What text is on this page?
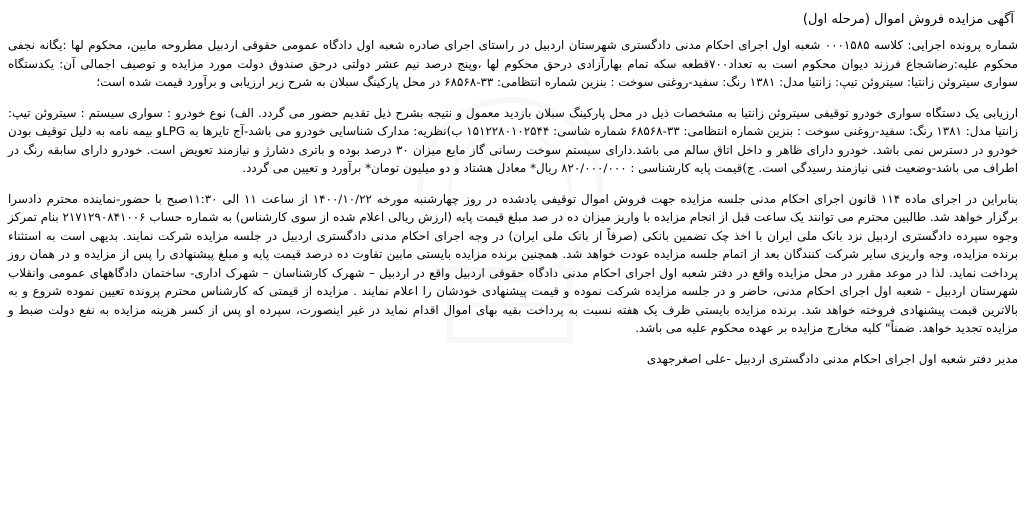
آگهی مزایده فروش اموال (مرحله اول)

شماره پرونده اجرایی: کلاسه ۰۰۰۱۵۸۵ شعبه اول اجرای احکام مدنی دادگستری شهرستان اردبیل در راستای اجرای صادره شعبه اول دادگاه عمومی حقوقی اردبیل مطروحه مابین، محکوم لها :یگانه نجفی محکوم علیه:رضاشجاع فرزند دیوان محکوم است به تعداد۷۰۰قطعه سکه تمام بهارآزادی درحق محکوم لها ،وپنج درصد نیم عشر دولتی درحق صندوق دولت مورد مزایده و توصیف اجمالی آن: یکدستگاه سواری سیتروئن زانتیا: سیتروئن تیپ: زانتیا مدل: ۱۳۸۱ رنگ: سفید-روغنی سوخت : بنزین شماره انتظامی: ۳۳-۶۸۵۶۸ در محل پارکینگ سبلان به شرح زیر ارزیابی و برآورد قیمت شده است؛

ارزیابی یک دستگاه سواری خودرو توقیفی سیتروئن زانتیا به مشخصات ذیل در محل پارکینگ سبلان بازدید معمول و نتیجه بشرح ذیل تقدیم حضور می گردد. الف) نوع خودرو : سواری سیستم : سیتروئن تیپ: زانتیا مدل: ۱۳۸۱ رنگ: سفید-روغنی سوخت : بنزین شماره انتظامی: ۳۳-۶۸۵۶۸ شماره شاسی: ۱۵۱۲۲۸۰۱۰۲۵۴۴ ب)نظریه: مدارک شناسایی خودرو می باشد-آج تایرها به LPGو بیمه نامه به دلیل توقیف بودن خودرو در دسترس نمی باشد. خودرو دارای ظاهر و داخل اتاق سالم می باشد.دارای سیستم سوخت رسانی گاز مایع میزان ۳۰ درصد بوده و باتری دشارژ و نیازمند تعویض است. خودرو دارای سابقه رنگ در اطراف می باشد-وضعیت فنی نیازمند رسیدگی است. ج)قیمت پایه کارشناسی : ۸۲۰/۰۰۰/۰۰۰ ریال* معادل هشتاد و دو میلیون تومان* برآورد و تعیین می گردد.

بنابراین در اجرای ماده ۱۱۴ قانون اجرای احکام مدنی جلسه مزایده جهت فروش اموال توقیفی یادشده در روز چهارشنبه مورخه ۱۴۰۰/۱۰/۲۲ از ساعت ۱۱ الی ۱۱:۳۰صبح با حضور-نماینده محترم دادسرا برگزار خواهد شد. طالبین محترم می توانند یک ساعت قبل از انجام مزایده با واریز میزان ده در صد مبلغ قیمت پایه (ارزش ریالی اعلام شده از سوی کارشناس) به شماره حساب ۲۱۷۱۲۹۰۸۴۱۰۰۶ بنام تمرکز وجوه سپرده دادگستری اردبیل نزد بانک ملی ایران با اخذ چک تضمین بانکی (صرفاً از بانک ملی ایران) در وجه اجرای احکام مدنی دادگستری اردبیل در جلسه مزایده شرکت نمایند. بدیهی است به استثناء برنده مزایده، وجه واریزی سایر شرکت کنندگان بعد از اتمام جلسه مزایده عودت خواهد شد. همچنین برنده مزایده بایستی مابین تفاوت ده درصد قیمت پایه و مبلغ پیشنهادی را پس از مزایده و در همان روز پرداخت نماید. لذا در موعد مقرر در محل مزایده واقع در دفتر شعبه اول اجرای احکام مدنی دادگاه حقوقی اردبیل واقع در اردبیل – شهرک کارشناسان – شهرک اداری- ساختمان دادگاههای عمومی وانقلاب شهرستان اردبیل - شعبه اول اجرای احکام مدنی، حاضر و در جلسه مزایده شرکت نموده و قیمت پیشنهادی خودشان را اعلام نمایند . مزایده از قیمتی که کارشناس محترم پرونده تعیین نموده شروع و به بالاترین قیمت پیشنهادی فروخته خواهد شد. برنده مزایده بایستی ظرف یک هفته نسبت به پرداخت بقیه بهای اموال اقدام نماید در غیر اینصورت، سپرده او پس از کسر هزینه مزایده به نفع دولت ضبط و مزایده تجدید خواهد. ضمناً" کلیه مخارج مزایده بر عهده محکوم علیه می باشد.

مدیر دفتر شعبه اول اجرای احکام مدنی دادگستری اردبیل -علی اصغرجهدی
